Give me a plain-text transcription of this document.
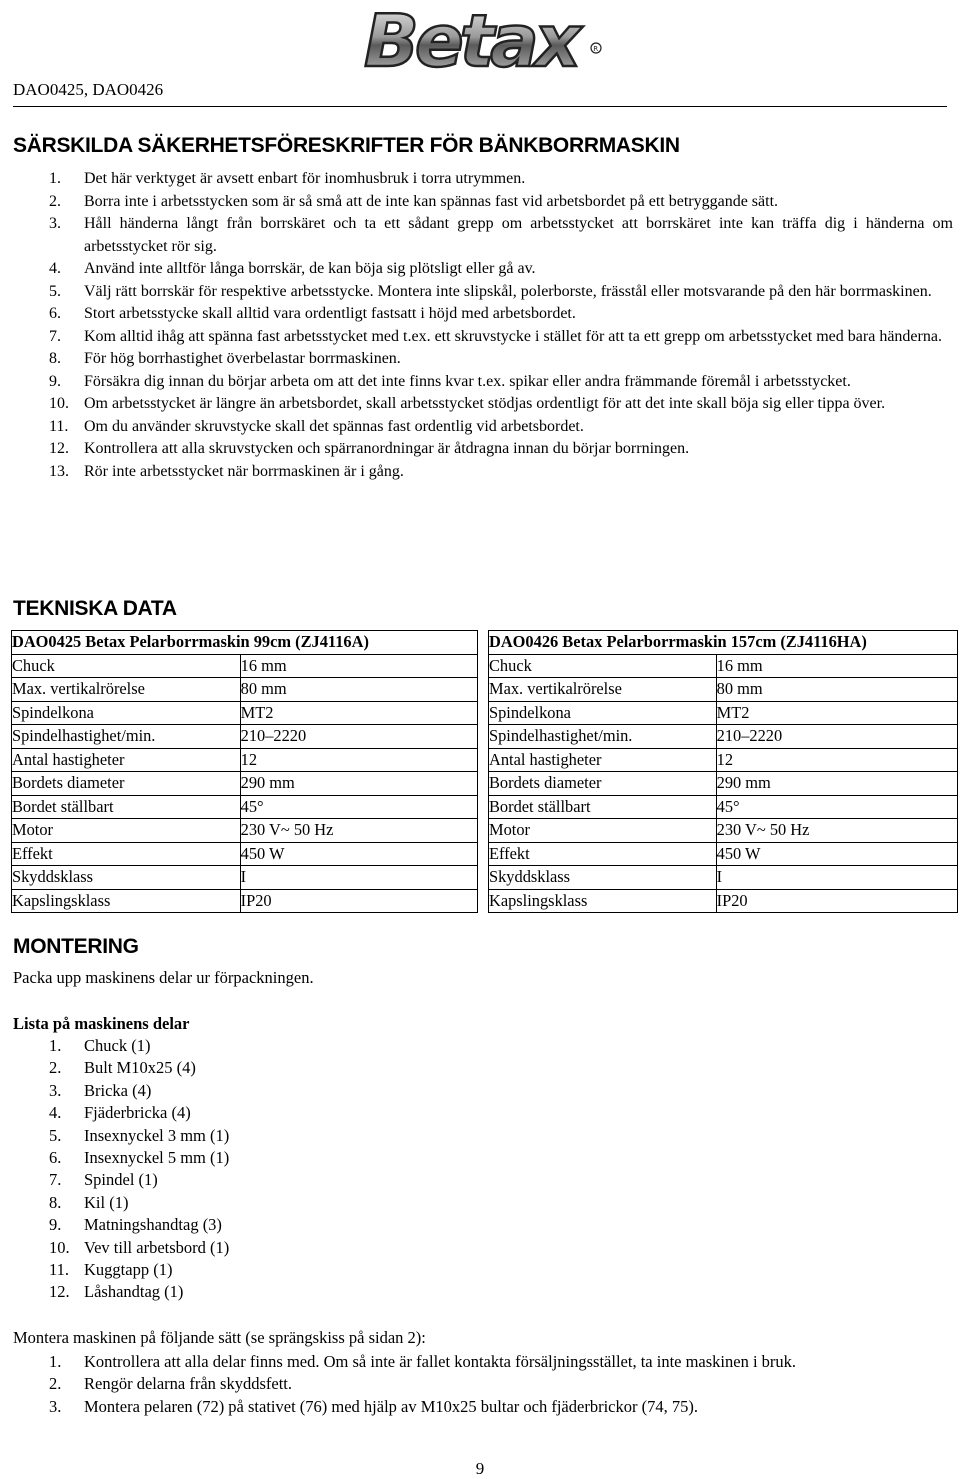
DAO0425, DAO0426
Betax	R
SÄRSKILDA SÄKERHETSFÖRESKRIFTER FÖR BÄNKBORRMASKIN
1.	Det här verktyget är avsett enbart för inomhusbruk i torra utrymmen.
2.	Borra inte i arbetsstycken som är så små att de inte kan spännas fast vid arbetsbordet på ett betryggande sätt.
3.	Håll händerna långt från borrskäret och ta ett sådant grepp om arbetsstycket att borrskäret inte kan träffa dig i händerna om arbetsstycket rör sig.
4.	Använd inte alltför långa borrskär, de kan böja sig plötsligt eller gå av.
5.	Välj rätt borrskär för respektive arbetsstycke. Montera inte slipskål, polerborste, frässtål eller motsvarande på den här borrmaskinen.
6.	Stort arbetsstycke skall alltid vara ordentligt fastsatt i höjd med arbetsbordet.
7.	Kom alltid ihåg att spänna fast arbetsstycket med t.ex. ett skruvstycke i stället för att ta ett grepp om arbetsstycket med bara händerna.
8.	För hög borrhastighet överbelastar borrmaskinen.
9.	Försäkra dig innan du börjar arbeta om att det inte finns kvar t.ex. spikar eller andra främmande föremål i arbetsstycket.
10. Om arbetsstycket är längre än arbetsbordet, skall arbetsstycket stödjas ordentligt för att det inte skall böja sig eller tippa över.
11. Om du använder skruvstycke skall det spännas fast ordentlig vid arbetsbordet.
12. Kontrollera att alla skruvstycken och spärranordningar är åtdragna innan du börjar borrningen.
13. Rör inte arbetsstycket när borrmaskinen är i gång.
TEKNISKA DATA
DAO0425 Betax Pelarborrmaskin 99cm (ZJ4116A)	
Chuck	16 mm
Max. vertikalrörelse	80 mm
Spindelkona	MT2
Spindelhastighet/min.	210–2220
Antal hastigheter	12
Bordets diameter	290 mm
Bordet ställbart	45°
Motor	230 V~ 50 Hz
Effekt	450 W
Skyddsklass	I
Kapslingsklass	IP20
DAO0426 Betax Pelarborrmaskin 157cm (ZJ4116HA)	
Chuck	16 mm
Max. vertikalrörelse	80 mm
Spindelkona	MT2
Spindelhastighet/min.	210–2220
Antal hastigheter	12
Bordets diameter	290 mm
Bordet ställbart	45°
Motor	230 V~ 50 Hz
Effekt	450 W
Skyddsklass	I
Kapslingsklass	IP20
MONTERING

Packa upp maskinens delar ur förpackningen.

Lista på maskinens delar

1. Chuck (1)
2. Bult M10x25 (4)
3. Bricka (4)
4. Fjäderbricka (4)
5. Insexnyckel 3 mm (1)
6. Insexnyckel 5 mm (1)
7. Spindel (1)
8. Kil (1)
9. Matningshandtag (3)
10. Vev till arbetsbord (1)
11. Kuggtapp (1)
12. Låshandtag (1)

Montera maskinen på följande sätt (se sprängskiss på sidan 2):

1. Kontrollera att alla delar finns med. Om så inte är fallet kontakta försäljningsstället, ta inte maskinen i bruk.
2. Rengör delarna från skyddsfett.
3. Montera pelaren (72) på stativet (76) med hjälp av M10x25 bultar och fjäderbrickor (74, 75).
9
